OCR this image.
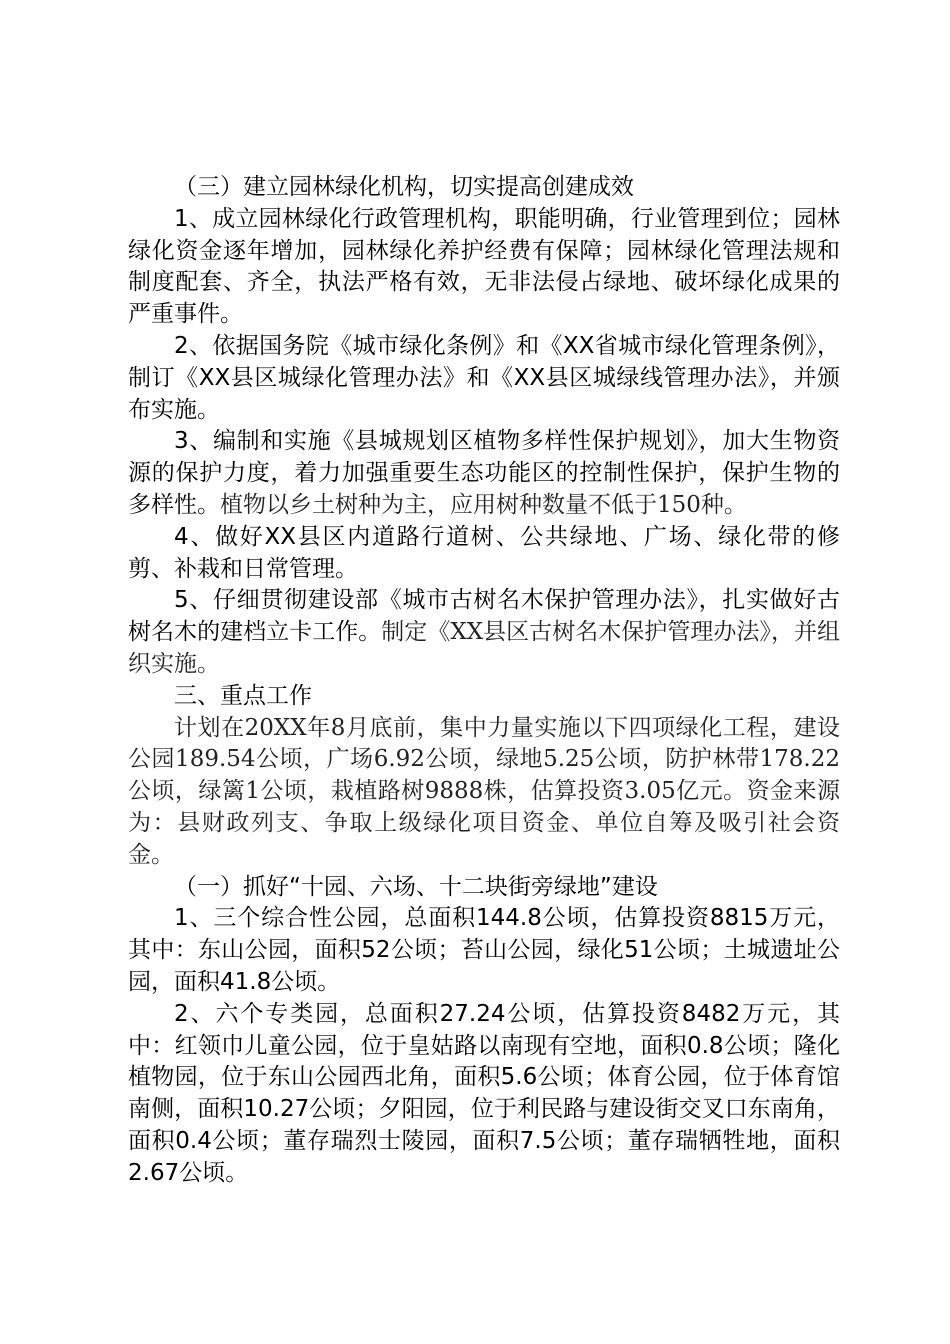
（三）建立园林绿化机构，切实提高创建成效

1、成立园林绿化行政管理机构，职能明确，行业管理到位；园林绿化资金逐年增加，园林绿化养护经费有保障；园林绿化管理法规和制度配套、齐全，执法严格有效，无非法侵占绿地、破坏绿化成果的严重事件。

2、依据国务院《城市绿化条例》和《XX省城市绿化管理条例》，制订《XX县区城绿化管理办法》和《XX县区城绿线管理办法》，并颁布实施。

3、编制和实施《县城规划区植物多样性保护规划》，加大生物资源的保护力度，着力加强重要生态功能区的控制性保护，保护生物的多样性。植物以乡土树种为主，应用树种数量不低于150种。

4、做好XX县区内道路行道树、公共绿地、广场、绿化带的修剪、补栽和日常管理。

5、仔细贯彻建设部《城市古树名木保护管理办法》，扎实做好古树名木的建档立卡工作。制定《XX县区古树名木保护管理办法》，并组织实施。

三、重点工作

计划在20XX年8月底前，集中力量实施以下四项绿化工程，建设公园189.54公顷，广场6.92公顷，绿地5.25公顷，防护林带178.22公顷，绿篱1公顷，栽植路树9888株，估算投资3.05亿元。资金来源为：县财政列支、争取上级绿化项目资金、单位自筹及吸引社会资金。

（一）抓好“十园、六场、十二块街旁绿地”建设

1、三个综合性公园，总面积144.8公顷，估算投资8815万元，其中：东山公园，面积52公顷；苔山公园，绿化51公顷；土城遗址公园，面积41.8公顷。

2、六个专类园，总面积27.24公顷，估算投资8482万元，其中：红领巾儿童公园，位于皇姑路以南现有空地，面积0.8公顷；隆化植物园，位于东山公园西北角，面积5.6公顷；体育公园，位于体育馆南侧，面积10.27公顷；夕阳园，位于利民路与建设街交叉口东南角，面积0.4公顷；董存瑞烈士陵园，面积7.5公顷；董存瑞牺牲地，面积2.67公顷。
